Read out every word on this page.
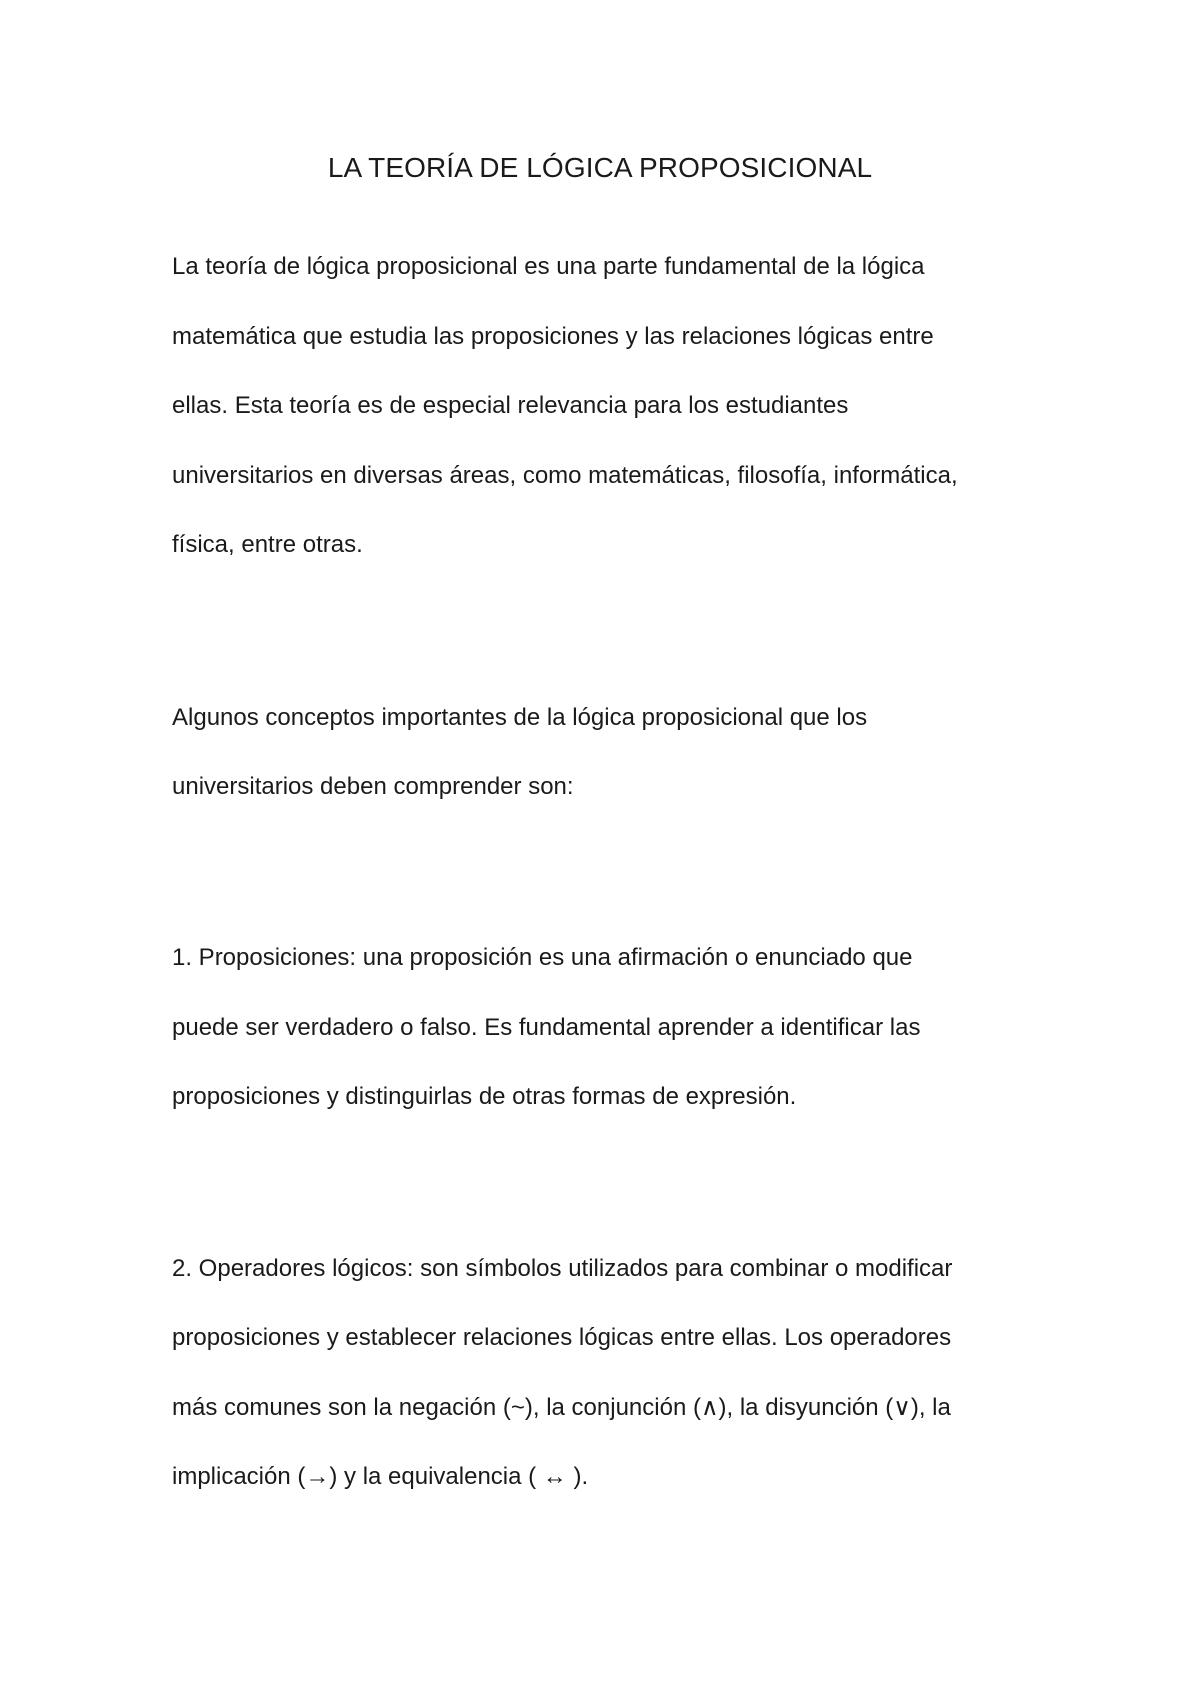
LA TEORÍA DE LÓGICA PROPOSICIONAL
La teoría de lógica proposicional es una parte fundamental de la lógica
matemática que estudia las proposiciones y las relaciones lógicas entre
ellas. Esta teoría es de especial relevancia para los estudiantes
universitarios en diversas áreas, como matemáticas, filosofía, informática,
física, entre otras.
Algunos conceptos importantes de la lógica proposicional que los
universitarios deben comprender son:
1. Proposiciones: una proposición es una afirmación o enunciado que
puede ser verdadero o falso. Es fundamental aprender a identificar las
proposiciones y distinguirlas de otras formas de expresión.
2. Operadores lógicos: son símbolos utilizados para combinar o modificar
proposiciones y establecer relaciones lógicas entre ellas. Los operadores
más comunes son la negación (~), la conjunción (∧), la disyunción (∨), la
implicación (→) y la equivalencia ( ↔ ).
